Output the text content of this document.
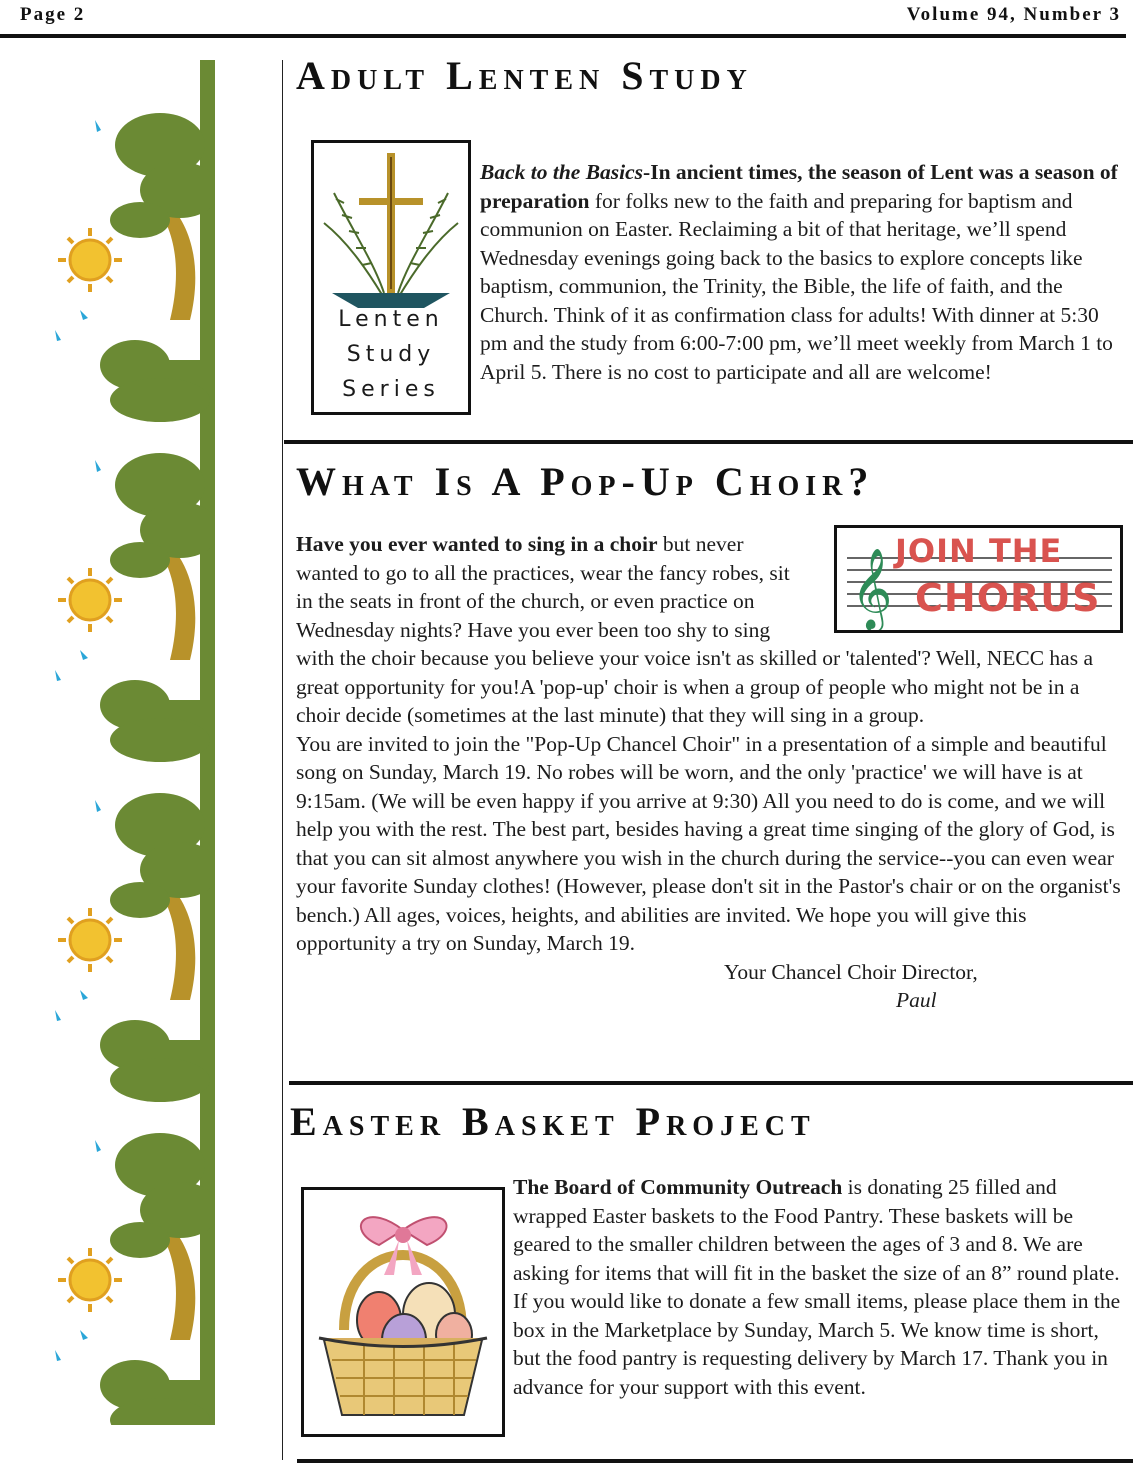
Page 2	Volume 94, Number 3
Adult Lenten Study
Lenten
Study
Series

Back to the Basics-In ancient times, the season of Lent was a season of preparation for folks new to the faith and preparing for baptism and communion on Easter. Reclaiming a bit of that heritage, we’ll spend Wednesday evenings going back to the basics to explore concepts like baptism, communion, the Trinity, the Bible, the life of faith, and the Church. Think of it as confirmation class for adults! With dinner at 5:30 pm and the study from 6:00-7:00 pm, we’ll meet weekly from March 1 to April 5. There is no cost to participate and all are welcome!

What Is A Pop-Up Choir?
𝄞 JOIN THE
CHORUS

Have you ever wanted to sing in a choir but never wanted to go to all the practices, wear the fancy robes, sit in the seats in front of the church, or even practice on Wednesday nights? Have you ever been too shy to sing with the choir because you believe your voice isn't as skilled or 'talented'? Well, NECC has a great opportunity for you!A 'pop-up' choir is when a group of people who might not be in a choir decide (sometimes at the last minute) that they will sing in a group.

You are invited to join the "Pop-Up Chancel Choir" in a presentation of a simple and beautiful song on Sunday, March 19. No robes will be worn, and the only 'practice' we will have is at 9:15am. (We will be even happy if you arrive at 9:30) All you need to do is come, and we will help you with the rest. The best part, besides having a great time singing of the glory of God, is that you can sit almost anywhere you wish in the church during the service--you can even wear your favorite Sunday clothes! (However, please don't sit in the Pastor's chair or on the organist's bench.) All ages, voices, heights, and abilities are invited. We hope you will give this opportunity a try on Sunday, March 19.

Your Chancel Choir Director,

Paul

Easter Basket Project

The Board of Community Outreach is donating 25 filled and wrapped Easter baskets to the Food Pantry. These baskets will be geared to the smaller children between the ages of 3 and 8. We are asking for items that will fit in the basket the size of an 8” round plate. If you would like to donate a few small items, please place them in the box in the Marketplace by Sunday, March 5. We know time is short, but the food pantry is requesting delivery by March 17. Thank you in advance for your support with this event.
